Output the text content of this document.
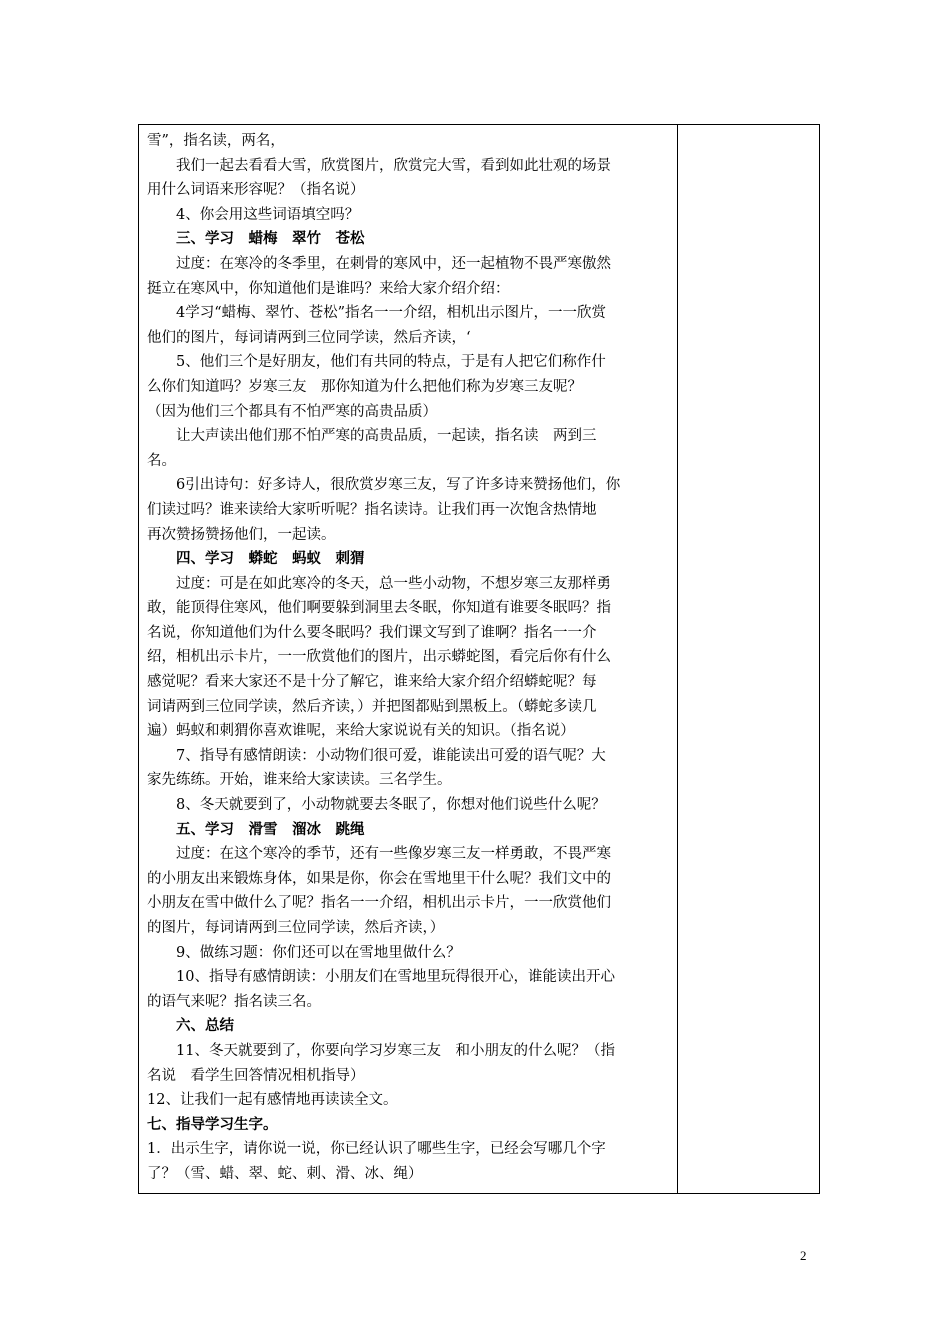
雪”，指名读，两名，
我们一起去看看大雪，欣赏图片，欣赏完大雪，看到如此壮观的场景
用什么词语来形容呢？（指名说）
4、你会用这些词语填空吗？
三、学习　蜡梅　翠竹　苍松
过度：在寒冷的冬季里，在刺骨的寒风中，还一起植物不畏严寒傲然
挺立在寒风中，你知道他们是谁吗？来给大家介绍介绍：
4学习“蜡梅、翠竹、苍松”指名一一介绍，相机出示图片，一一欣赏
他们的图片，每词请两到三位同学读，然后齐读，‘
5、他们三个是好朋友，他们有共同的特点，于是有人把它们称作什
么你们知道吗？岁寒三友　那你知道为什么把他们称为岁寒三友呢？
（因为他们三个都具有不怕严寒的高贵品质）
让大声读出他们那不怕严寒的高贵品质，一起读，指名读　两到三
名。
6引出诗句：好多诗人，很欣赏岁寒三友，写了许多诗来赞扬他们，你
们读过吗？谁来读给大家听听呢？指名读诗。让我们再一次饱含热情地
再次赞扬赞扬他们，一起读。
四、学习　蟒蛇　蚂蚁　刺猬
过度：可是在如此寒冷的冬天，总一些小动物，不想岁寒三友那样勇
敢，能顶得住寒风，他们啊要躲到洞里去冬眠，你知道有谁要冬眠吗？指
名说，你知道他们为什么要冬眠吗？我们课文写到了谁啊？指名一一介
绍，相机出示卡片，一一欣赏他们的图片，出示蟒蛇图，看完后你有什么
感觉呢？看来大家还不是十分了解它，谁来给大家介绍介绍蟒蛇呢？每
词请两到三位同学读，然后齐读，）并把图都贴到黑板上。（蟒蛇多读几
遍）蚂蚁和刺猬你喜欢谁呢，来给大家说说有关的知识。（指名说）
7、指导有感情朗读：小动物们很可爱，谁能读出可爱的语气呢？大
家先练练。开始，谁来给大家读读。三名学生。
8、冬天就要到了，小动物就要去冬眠了，你想对他们说些什么呢？
五、学习　滑雪　溜冰　跳绳
过度：在这个寒冷的季节，还有一些像岁寒三友一样勇敢，不畏严寒
的小朋友出来锻炼身体，如果是你，你会在雪地里干什么呢？我们文中的
小朋友在雪中做什么了呢？指名一一介绍，相机出示卡片，一一欣赏他们
的图片，每词请两到三位同学读，然后齐读，）
9、做练习题：你们还可以在雪地里做什么？
10、指导有感情朗读：小朋友们在雪地里玩得很开心，谁能读出开心
的语气来呢？指名读三名。
六、总结
11、冬天就要到了，你要向学习岁寒三友　和小朋友的什么呢？（指
名说　看学生回答情况相机指导）
12、让我们一起有感情地再读读全文。
七、指导学习生字。
1．出示生字，请你说一说，你已经认识了哪些生字，已经会写哪几个字
了？（雪、蜡、翠、蛇、刺、滑、冰、绳）
2
